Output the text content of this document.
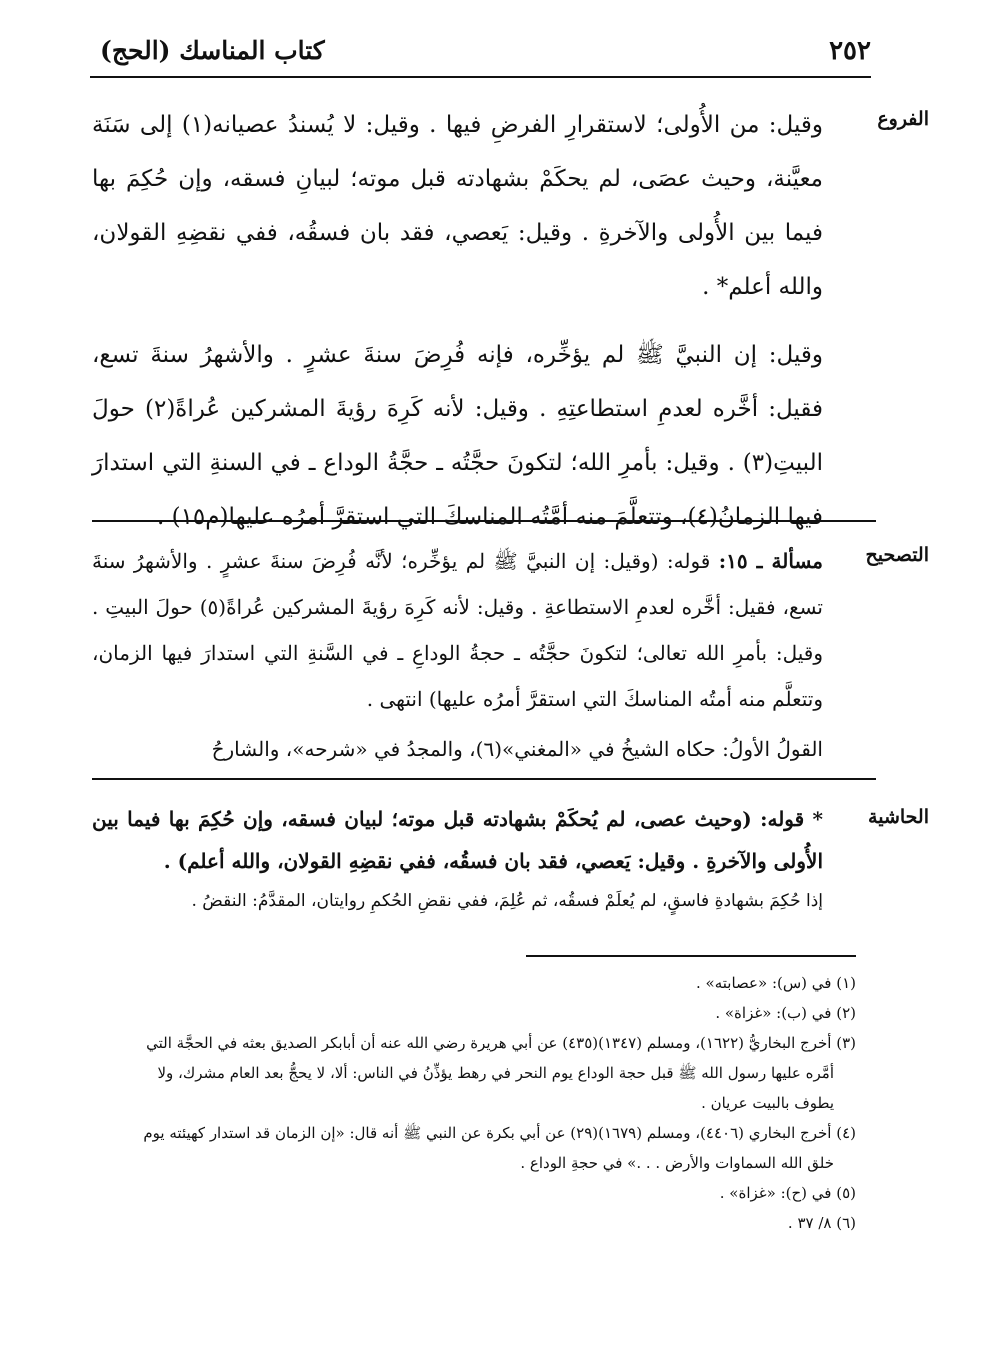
٢٥٢
كتاب المناسك (الحج)
الفروع

وقيل: من الأُولى؛ لاستقرارِ الفرضِ فيها . وقيل: لا يُسندُ عصيانه(١) إلى سَنَة معيَّنة، وحيث عصَى، لم يحكَمْ بشهادته قبل موته؛ لبيانِ فسقه، وإن حُكِمَ بها فيما بين الأُولى والآخرةِ . وقيل: يَعصي، فقد بان فسقُه، ففي نقضِهِ القولان، والله أعلم* .

وقيل: إن النبيَّ ﷺ لم يؤخِّره، فإنه فُرِضَ سنةَ عشرٍ . والأشهرُ سنةَ تسع، فقيل: أخَّره لعدمِ استطاعتِهِ . وقيل: لأنه كَرِهَ رؤيةَ المشركين عُراةً(٢) حولَ البيتِ(٣) . وقيل: بأمرِ الله؛ لتكونَ حجَّتُه ـ حجَّةُ الوداع ـ في السنةِ التي استدارَ فيها الزمانُ(٤)، وتتعلَّمَ منه أمَّتُه المناسكَ التي استقرَّ أمرُه عليها(م١٥) .

التصحيح

مسألة ـ ١٥: قوله: (وقيل: إن النبيَّ ﷺ لم يؤخِّره؛ لأنَّه فُرِضَ سنةَ عشرٍ . والأشهرُ سنةَ تسع، فقيل: أخَّره لعدمِ الاستطاعةِ . وقيل: لأنه كَرِهَ رؤيةَ المشركين عُراةً(٥) حولَ البيتِ . وقيل: بأمرِ الله تعالى؛ لتكونَ حجَّتُه ـ حجةُ الوداعِ ـ في السَّنةِ التي استدارَ فيها الزمان، وتتعلَّم منه أمتُه المناسكَ التي استقرَّ أمرُه عليها) انتهى .

القولُ الأولُ: حكاه الشيخُ في «المغني»(٦)، والمجدُ في «شرحه»، والشارحُ

الحاشية

* قوله: (وحيث عصى، لم يُحكَمْ بشهادته قبل موته؛ لبيان فسقه، وإن حُكِمَ بها فيما بين الأُولى والآخرةِ . وقيل: يَعصي، فقد بان فسقُه، ففي نقضِهِ القولان، والله أعلم) .

إذا حُكِمَ بشهادةِ فاسقٍ، لم يُعلَمْ فسقُه، ثم عُلِمَ، ففي نقضِ الحُكمِ روايتان، المقدَّمُ: النقضُ .

(١) في (س): «عصابته» .
(٢) في (ب): «غزاة» .
(٣) أخرج البخاريُّ (١٦٢٢)، ومسلم (١٣٤٧)(٤٣٥) عن أبي هريرة رضي الله عنه أن أبابكر الصديق بعثه في الحجَّة التي
أمَّره عليها رسول الله ﷺ قبل حجة الوداع يوم النحر في رهط يؤذِّنُ في الناس: ألا، لا يحجُّ بعد العام مشرك، ولا
يطوف بالبيت عريان .
(٤) أخرج البخاري (٤٤٠٦)، ومسلم (١٦٧٩)(٢٩) عن أبي بكرة عن النبي ﷺ أنه قال: «إن الزمان قد استدار كهيئته يوم
خلق الله السماوات والأرض . . .» في حجةِ الوداع .
(٥) في (ح): «غزاة» .
(٦) ٨/ ٣٧ .
